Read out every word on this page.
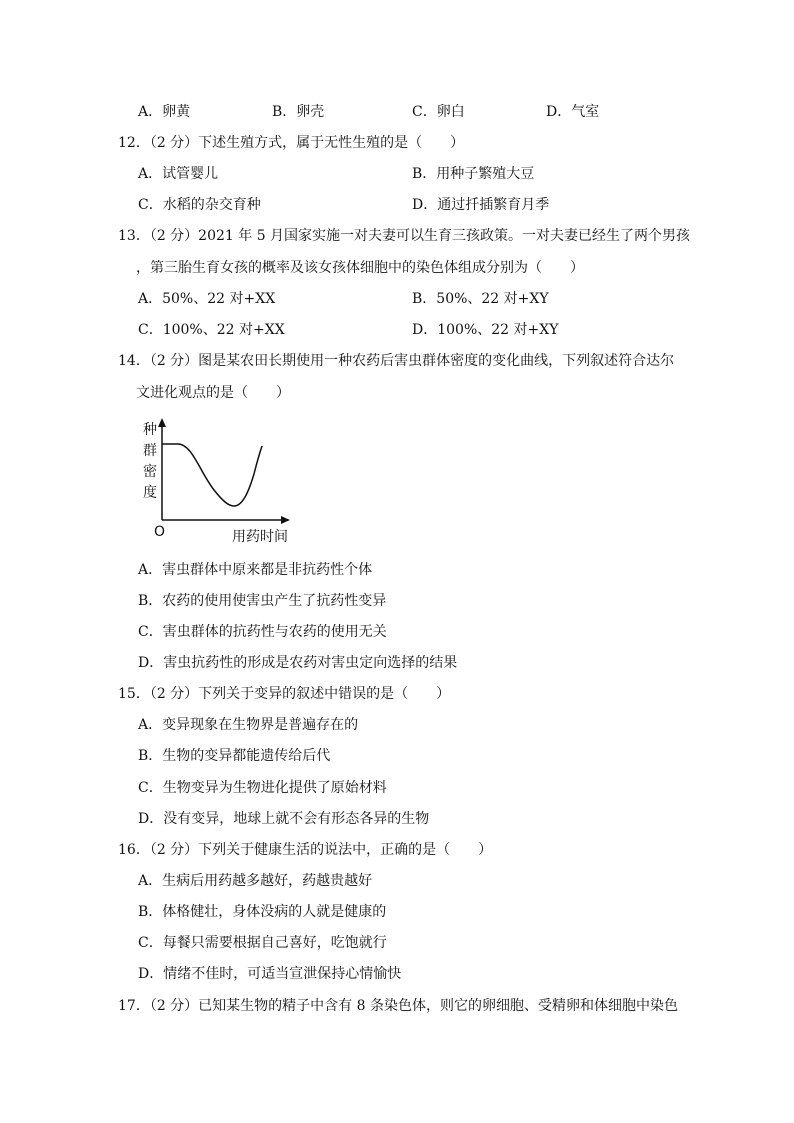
A．卵黄	B．卵壳	C．卵白	D．气室
12．（2 分）下述生殖方式，属于无性生殖的是（　　）
A．试管婴儿	B．用种子繁殖大豆
C．水稻的杂交育种	D．通过扦插繁育月季
13．（2 分）2021 年 5 月国家实施一对夫妻可以生育三孩政策。一对夫妻已经生了两个男孩
，第三胎生育女孩的概率及该女孩体细胞中的染色体组成分别为（　　）
A．50%、22 对+XX	B．50%、22 对+XY
C．100%、22 对+XX	D．100%、22 对+XY
14．（2 分）图是某农田长期使用一种农药后害虫群体密度的变化曲线，下列叙述符合达尔
文进化观点的是（　　）
种
群
密
度
O	用药时间
A．害虫群体中原来都是非抗药性个体
B．农药的使用使害虫产生了抗药性变异
C．害虫群体的抗药性与农药的使用无关
D．害虫抗药性的形成是农药对害虫定向选择的结果
15．（2 分）下列关于变异的叙述中错误的是（　　）
A．变异现象在生物界是普遍存在的
B．生物的变异都能遗传给后代
C．生物变异为生物进化提供了原始材料
D．没有变异，地球上就不会有形态各异的生物
16．（2 分）下列关于健康生活的说法中，正确的是（　　）
A．生病后用药越多越好，药越贵越好
B．体格健壮，身体没病的人就是健康的
C．每餐只需要根据自己喜好，吃饱就行
D．情绪不佳时，可适当宣泄保持心情愉快
17．（2 分）已知某生物的精子中含有 8 条染色体，则它的卵细胞、受精卵和体细胞中染色
